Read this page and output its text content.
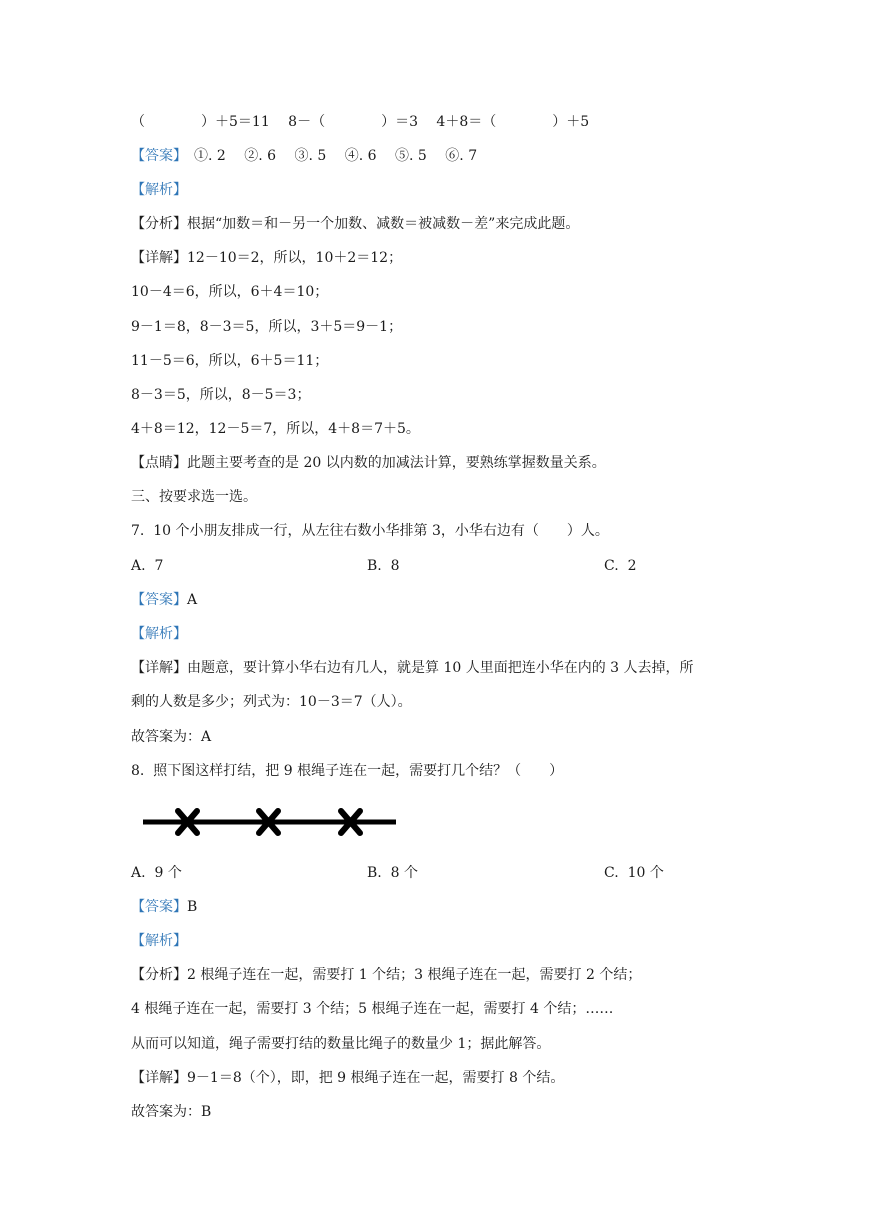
（　　　　）＋5＝11　 8－（　　　　）＝3　 4＋8＝（　　　　）＋5
【答案】　①. 2　 ②. 6　 ③. 5　 ④. 6　 ⑤. 5　 ⑥. 7
【解析】
【分析】根据“加数＝和－另一个加数、减数＝被减数－差”来完成此题。
【详解】12－10＝2，所以，10＋2＝12；
10－4＝6，所以，6＋4＝10；
9－1＝8，8－3＝5，所以，3＋5＝9－1；
11－5＝6，所以，6＋5＝11；
8－3＝5，所以，8－5＝3；
4＋8＝12，12－5＝7，所以，4＋8＝7＋5。
【点睛】此题主要考查的是 20 以内数的加减法计算，要熟练掌握数量关系。
三、按要求选一选。
7.  10 个小朋友排成一行，从左往右数小华排第 3，小华右边有（　　）人。
A.  7	B.  8	C.  2
【答案】A
【解析】
【详解】由题意，要计算小华右边有几人，就是算 10 人里面把连小华在内的 3 人去掉，所
剩的人数是多少；列式为：10－3＝7（人）。
故答案为：A
8.  照下图这样打结，把 9 根绳子连在一起，需要打几个结？（　　）
A.  9 个	B.  8 个	C.  10 个
【答案】B
【解析】
【分析】2 根绳子连在一起，需要打 1 个结；3 根绳子连在一起，需要打 2 个结；
4 根绳子连在一起，需要打 3 个结；5 根绳子连在一起，需要打 4 个结；……
从而可以知道，绳子需要打结的数量比绳子的数量少 1；据此解答。
【详解】9－1＝8（个），即，把 9 根绳子连在一起，需要打 8 个结。
故答案为：B
